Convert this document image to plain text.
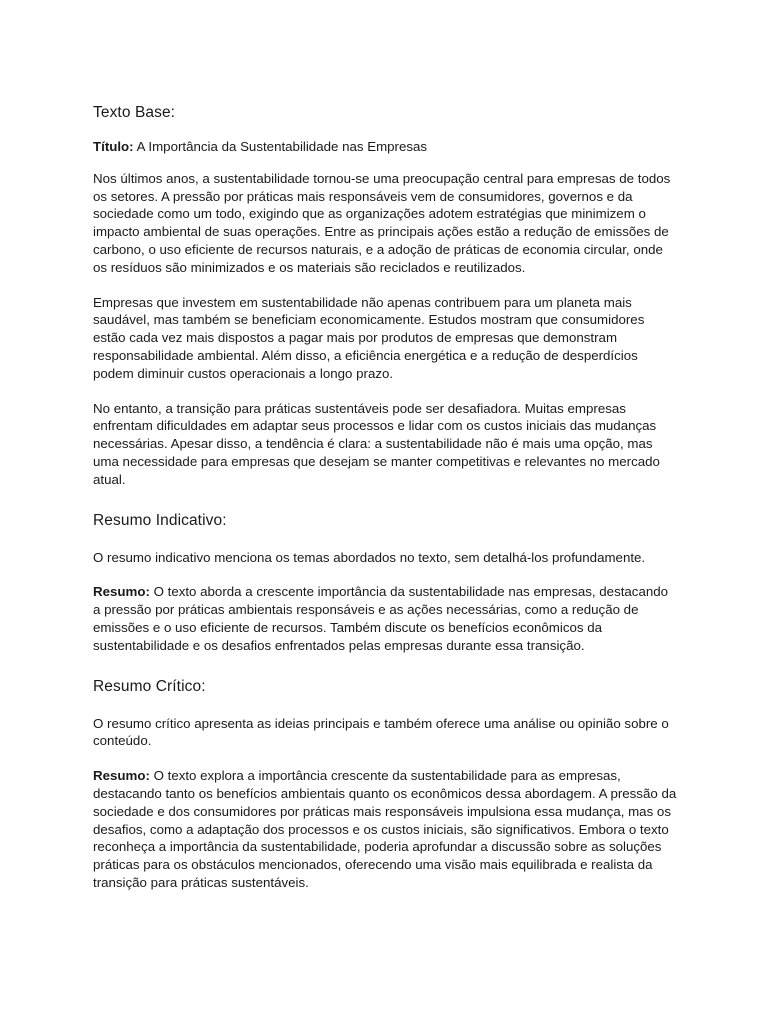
Texto Base:

Título: A Importância da Sustentabilidade nas Empresas

Nos últimos anos, a sustentabilidade tornou-se uma preocupação central para empresas de todos os setores. A pressão por práticas mais responsáveis vem de consumidores, governos e da sociedade como um todo, exigindo que as organizações adotem estratégias que minimizem o impacto ambiental de suas operações. Entre as principais ações estão a redução de emissões de carbono, o uso eficiente de recursos naturais, e a adoção de práticas de economia circular, onde os resíduos são minimizados e os materiais são reciclados e reutilizados.

Empresas que investem em sustentabilidade não apenas contribuem para um planeta mais saudável, mas também se beneficiam economicamente. Estudos mostram que consumidores estão cada vez mais dispostos a pagar mais por produtos de empresas que demonstram responsabilidade ambiental. Além disso, a eficiência energética e a redução de desperdícios podem diminuir custos operacionais a longo prazo.

No entanto, a transição para práticas sustentáveis pode ser desafiadora. Muitas empresas enfrentam dificuldades em adaptar seus processos e lidar com os custos iniciais das mudanças necessárias. Apesar disso, a tendência é clara: a sustentabilidade não é mais uma opção, mas uma necessidade para empresas que desejam se manter competitivas e relevantes no mercado atual.

Resumo Indicativo:

O resumo indicativo menciona os temas abordados no texto, sem detalhá-los profundamente.

Resumo: O texto aborda a crescente importância da sustentabilidade nas empresas, destacando a pressão por práticas ambientais responsáveis e as ações necessárias, como a redução de emissões e o uso eficiente de recursos. Também discute os benefícios econômicos da sustentabilidade e os desafios enfrentados pelas empresas durante essa transição.

Resumo Crítico:

O resumo crítico apresenta as ideias principais e também oferece uma análise ou opinião sobre o conteúdo.

Resumo: O texto explora a importância crescente da sustentabilidade para as empresas, destacando tanto os benefícios ambientais quanto os econômicos dessa abordagem. A pressão da sociedade e dos consumidores por práticas mais responsáveis impulsiona essa mudança, mas os desafios, como a adaptação dos processos e os custos iniciais, são significativos. Embora o texto reconheça a importância da sustentabilidade, poderia aprofundar a discussão sobre as soluções práticas para os obstáculos mencionados, oferecendo uma visão mais equilibrada e realista da transição para práticas sustentáveis.
